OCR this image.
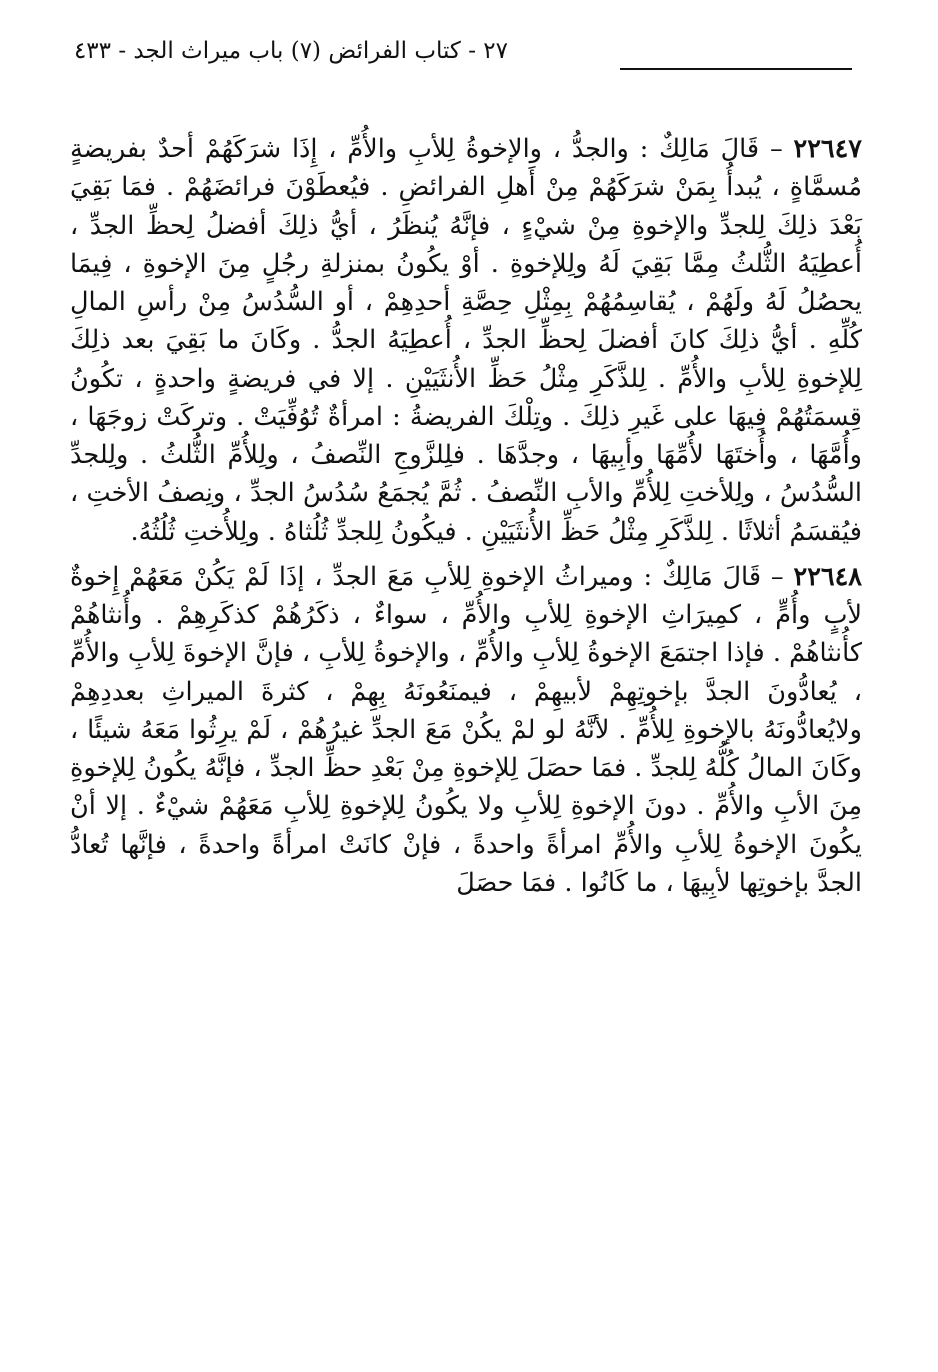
٢٧ - كتاب الفرائض (٧) باب ميراث الجد - ٤٣٣

٢٢٦٤٧ – قَالَ مَالِكٌ : والجدُّ ، والإخوةُ لِلأبِ والأُمِّ ، إِذَا شرَكَهُمْ أحدٌ بفريضةٍ مُسمَّاةٍ ، يُبدأُ بِمَنْ شرَكَهُمْ مِنْ أَهلِ الفرائضِ . فيُعطَوْنَ فرائضَهُمْ . فمَا بَقِيَ بَعْدَ ذلِكَ لِلجدِّ والإخوةِ مِنْ شيْءٍ ، فإنَّهُ يُنظَرُ ، أيُّ ذلِكَ أفضلُ لِحظِّ الجدِّ ، أُعطِيَهُ الثُّلثُ مِمَّا بَقِيَ لَهُ ولِلإخوةِ . أوْ يكُونُ بمنزلةِ رجُلٍ مِنَ الإخوةِ ، فِيمَا يحصُلُ لَهُ ولَهُمْ ، يُقاسِمُهُمْ بِمِثْلِ حِصَّةِ أحدِهِمْ ، أو السُّدُسُ مِنْ رأسِ المالِ كُلِّهِ . أيُّ ذلِكَ كانَ أفضلَ لِحظِّ الجدِّ ، أُعطِيَهُ الجدُّ . وكَانَ ما بَقِيَ بعد ذلِكَ لِلإخوةِ لِلأبِ والأُمِّ . لِلذَّكَرِ مِثْلُ حَظِّ الأُنثَيَيْنِ . إلا في فريضةٍ واحدةٍ ، تكُونُ قِسمَتُهُمْ فِيهَا على غَيرِ ذلِكَ . وتِلْكَ الفريضةُ : امرأةٌ تُوُفِّيَتْ . وتركَتْ زوجَهَا ، وأُمَّهَا ، وأُختَهَا لأُمِّهَا وأبِيهَا ، وجدَّهَا . فلِلزَّوجِ النِّصفُ ، ولِلأُمِّ الثُّلثُ . ولِلجدِّ السُّدُسُ ، ولِلأختِ لِلأُمِّ والأبِ النِّصفُ . ثُمَّ يُجمَعُ سُدُسُ الجدِّ ، ونِصفُ الأختِ ، فيُقسَمُ أثلاثًا . لِلذَّكَرِ مِثْلُ حَظِّ الأُنثَيَيْنِ . فيكُونُ لِلجدِّ ثُلُثاهُ . ولِلأُختِ ثُلُثُهُ.

٢٢٦٤٨ – قَالَ مَالِكٌ : وميراثُ الإخوةِ لِلأبِ مَعَ الجدِّ ، إذَا لَمْ يَكُنْ مَعَهُمْ إِخوةٌ لأبٍ وأُمٍّ ، كمِيرَاثِ الإخوةِ لِلأبِ والأُمِّ ، سواءٌ ، ذكَرُهُمْ كذكَرِهِمْ . وأُنثاهُمْ كأُنثاهُمْ . فإذا اجتمَعَ الإخوةُ لِلأبِ والأُمِّ ، والإخوةُ لِلأبِ ، فإنَّ الإخوةَ لِلأبِ والأُمِّ ، يُعادُّونَ الجدَّ بإخوتِهِمْ لأبيهِمْ ، فيمنَعُونَهُ بِهِمْ ، كثرةَ الميراثِ بعددِهِمْ ولايُعادُّونَهُ بالإخوةِ لِلأُمِّ . لأنَّهُ لو لمْ يكُنْ مَعَ الجدِّ غيرُهُمْ ، لَمْ يرِثُوا مَعَهُ شيئًا ، وكَانَ المالُ كُلُّهُ لِلجدِّ . فمَا حصَلَ لِلإخوةِ مِنْ بَعْدِ حظِّ الجدِّ ، فإنَّهُ يكُونُ لِلإخوةِ مِنَ الأبِ والأُمِّ . دونَ الإخوةِ لِلأبِ ولا يكُونُ لِلإخوةِ لِلأبِ مَعَهُمْ شيْءٌ . إلا أنْ يكُونَ الإخوةُ لِلأبِ والأُمِّ امرأةً واحدةً ، فإنْ كانَتْ امرأةً واحدةً ، فإنَّها تُعادُّ الجدَّ بإخوتِها لأبِيهَا ، ما كَانُوا . فمَا حصَلَ
